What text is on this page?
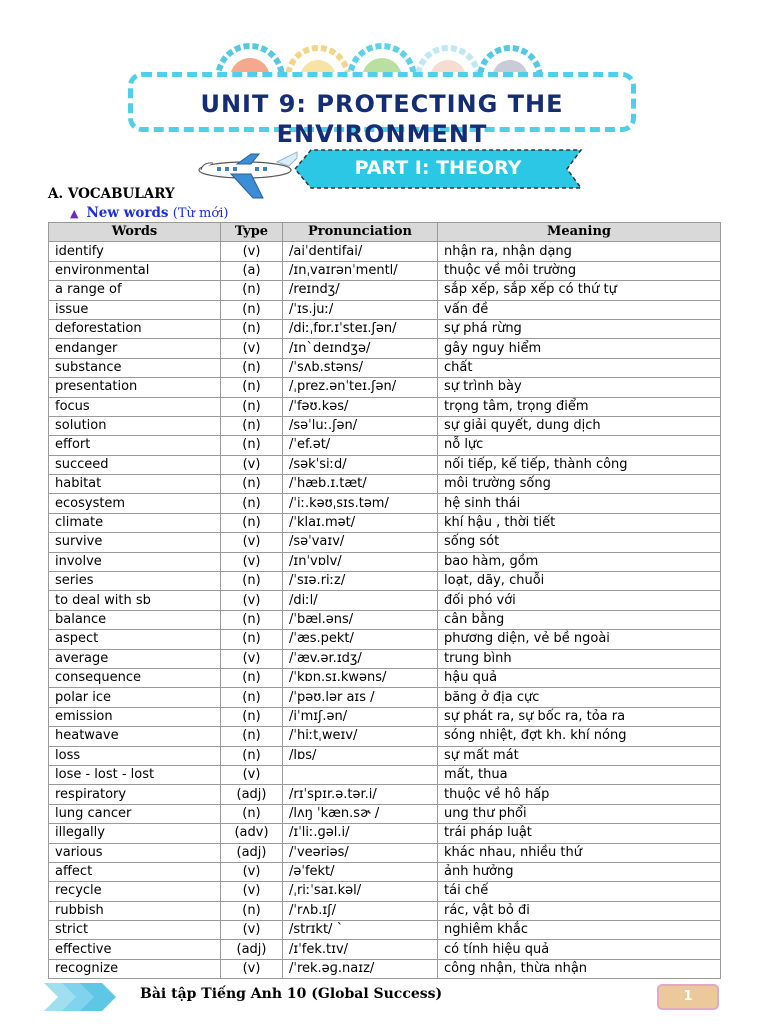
UNIT 9: PROTECTING THE ENVIRONMENT
PART I: THEORY
A. VOCABULARY
▲ New words (Từ mới)
Words	Type	Pronunciation	Meaning
identify	(v)	/aiˈdentifai/	nhận ra, nhận dạng
environmental	(a)	/ɪnˌvaɪrənˈmentl/	thuộc về môi trường
a range of	(n)	/reɪndʒ/	sắp xếp, sắp xếp có thứ tự
issue	(n)	/ˈɪs.juː/	vấn đề
deforestation	(n)	/diːˌfɒr.ɪˈsteɪ.ʃən/	sự phá rừng
endanger	(v)	/ɪn`deɪndʒə/	gây nguy hiểm
substance	(n)	/ˈsʌb.stəns/	chất
presentation	(n)	/ˌprez.ənˈteɪ.ʃən/	sự trình bày
focus	(n)	/ˈfəʊ.kəs/	trọng tâm, trọng điểm
solution	(n)	/səˈluː.ʃən/	sự giải quyết, dung dịch
effort	(n)	/ˈef.ət/	nỗ lực
succeed	(v)	/səkˈsiːd/	nối tiếp, kế tiếp, thành công
habitat	(n)	/ˈhæb.ɪ.tæt/	môi trường sống
ecosystem	(n)	/ˈiː.kəʊˌsɪs.təm/	hệ sinh thái
climate	(n)	/ˈklaɪ.mət/	khí hậu , thời tiết
survive	(v)	/səˈvaɪv/	sống sót
involve	(v)	/ɪnˈvɒlv/	bao hàm, gồm
series	(n)	/ˈsɪə.riːz/	loạt, dãy, chuỗi
to deal with sb	(v)	/diːl/	đối phó với
balance	(n)	/ˈbæl.əns/	cân bằng
aspect	(n)	/ˈæs.pekt/	phương diện, vẻ bề ngoài
average	(v)	/ˈæv.ər.ɪdʒ/	trung bình
consequence	(n)	/ˈkɒn.sɪ.kwəns/	hậu quả
polar ice	(n)	/ˈpəʊ.lər aɪs /	băng ở địa cực
emission	(n)	/iˈmɪʃ.ən/	sự phát ra, sự bốc ra, tỏa ra
heatwave	(n)	/ˈhiːtˌweɪv/	sóng nhiệt, đợt kh. khí nóng
loss	(n)	/lɒs/	sự mất mát
lose - lost - lost	(v)		mất, thua
respiratory	(adj)	/rɪˈspɪr.ə.tər.i/	thuộc về hô hấp
lung cancer	(n)	/lʌŋ ˈkæn.sɚ /	ung thư phổi
illegally	(adv)	/ɪˈliː.ɡəl.i/	trái pháp luật
various	(adj)	/ˈveəriəs/	khác nhau, nhiều thứ
affect	(v)	/əˈfekt/	ảnh hưởng
recycle	(v)	/ˌriːˈsaɪ.kəl/	tái chế
rubbish	(n)	/ˈrʌb.ɪʃ/	rác, vật bỏ đi
strict	(v)	/strɪkt/ `	nghiêm khắc
effective	(adj)	/ɪˈfek.tɪv/	có tính hiệu quả
recognize	(v)	/ˈrek.əɡ.naɪz/	công nhận, thừa nhận
Bài tập Tiếng Anh 10 (Global Success)	1
